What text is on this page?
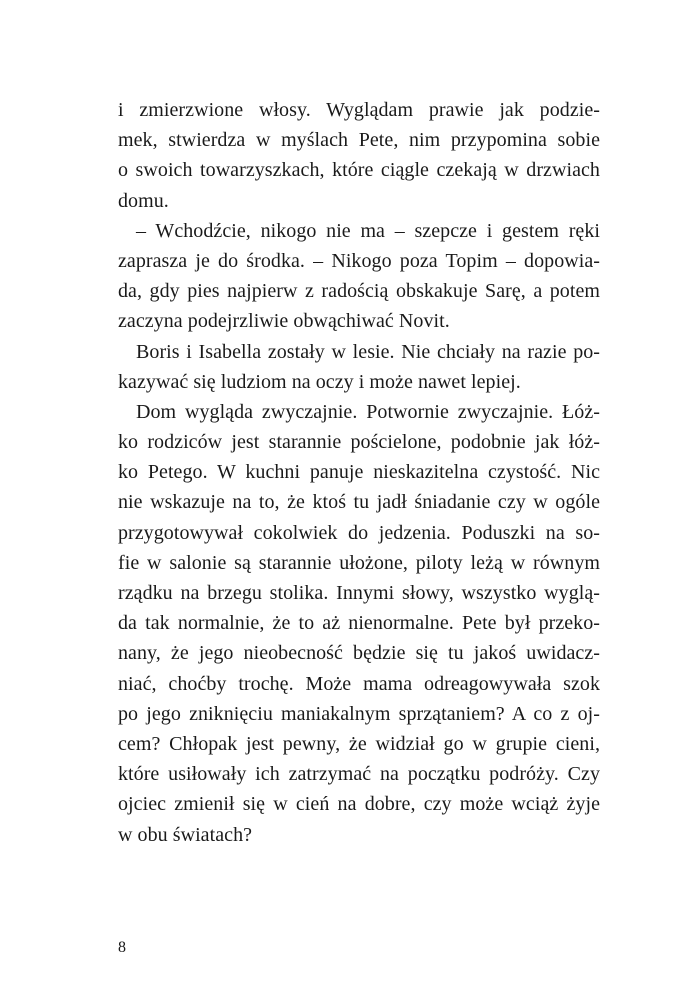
i zmierzwione włosy. Wyglądam prawie jak podzie-
mek, stwierdza w myślach Pete, nim przypomina sobie
o swoich towarzyszkach, które ciągle czekają w drzwiach
domu.
– Wchodźcie, nikogo nie ma – szepcze i gestem ręki
zaprasza je do środka. – Nikogo poza Topim – dopowia-
da, gdy pies najpierw z radością obskakuje Sarę, a potem
zaczyna podejrzliwie obwąchiwać Novit.
Boris i Isabella zostały w lesie. Nie chciały na razie po-
kazywać się ludziom na oczy i może nawet lepiej.
Dom wygląda zwyczajnie. Potwornie zwyczajnie. Łóż-
ko rodziców jest starannie pościelone, podobnie jak łóż-
ko Petego. W kuchni panuje nieskazitelna czystość. Nic
nie wskazuje na to, że ktoś tu jadł śniadanie czy w ogóle
przygotowywał cokolwiek do jedzenia. Poduszki na so-
fie w salonie są starannie ułożone, piloty leżą w równym
rządku na brzegu stolika. Innymi słowy, wszystko wyglą-
da tak normalnie, że to aż nienormalne. Pete był przeko-
nany, że jego nieobecność będzie się tu jakoś uwidacz-
niać, choćby trochę. Może mama odreagowywała szok
po jego zniknięciu maniakalnym sprzątaniem? A co z oj-
cem? Chłopak jest pewny, że widział go w grupie cieni,
które usiłowały ich zatrzymać na początku podróży. Czy
ojciec zmienił się w cień na dobre, czy może wciąż żyje
w obu światach?
8
